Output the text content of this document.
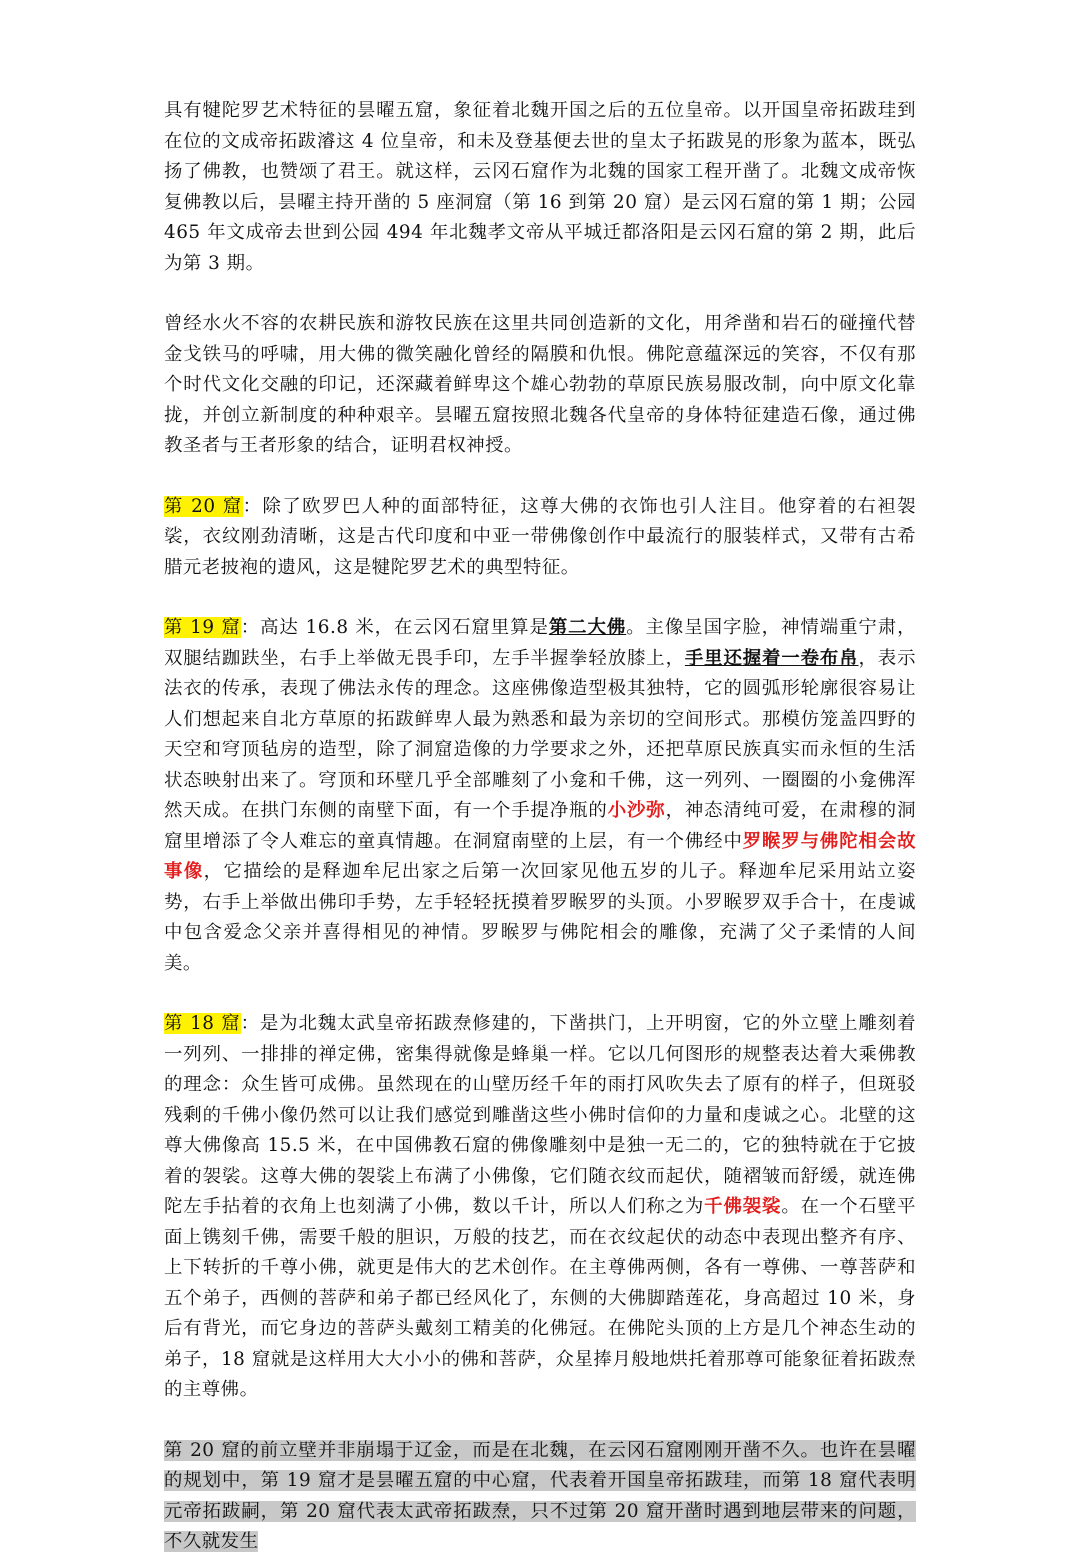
具有犍陀罗艺术特征的昙曜五窟，象征着北魏开国之后的五位皇帝。以开国皇帝拓跋珪到在位的文成帝拓跋濬这 4 位皇帝，和未及登基便去世的皇太子拓跋晃的形象为蓝本，既弘扬了佛教，也赞颂了君王。就这样，云冈石窟作为北魏的国家工程开凿了。北魏文成帝恢复佛教以后，昙曜主持开凿的 5 座洞窟（第 16 到第 20 窟）是云冈石窟的第 1 期；公园 465 年文成帝去世到公园 494 年北魏孝文帝从平城迁都洛阳是云冈石窟的第 2 期，此后为第 3 期。

曾经水火不容的农耕民族和游牧民族在这里共同创造新的文化，用斧凿和岩石的碰撞代替金戈铁马的呼啸，用大佛的微笑融化曾经的隔膜和仇恨。佛陀意蕴深远的笑容，不仅有那个时代文化交融的印记，还深藏着鲜卑这个雄心勃勃的草原民族易服改制，向中原文化靠拢，并创立新制度的种种艰辛。昙曜五窟按照北魏各代皇帝的身体特征建造石像，通过佛教圣者与王者形象的结合，证明君权神授。

第 20 窟：除了欧罗巴人种的面部特征，这尊大佛的衣饰也引人注目。他穿着的右袒袈裟，衣纹刚劲清晰，这是古代印度和中亚一带佛像创作中最流行的服装样式，又带有古希腊元老披袍的遗风，这是犍陀罗艺术的典型特征。

第 19 窟：高达 16.8 米，在云冈石窟里算是第二大佛。主像呈国字脸，神情端重宁肃，双腿结跏趺坐，右手上举做无畏手印，左手半握拳轻放膝上，手里还握着一卷布帛，表示法衣的传承，表现了佛法永传的理念。这座佛像造型极其独特，它的圆弧形轮廓很容易让人们想起来自北方草原的拓跋鲜卑人最为熟悉和最为亲切的空间形式。那模仿笼盖四野的天空和穹顶毡房的造型，除了洞窟造像的力学要求之外，还把草原民族真实而永恒的生活状态映射出来了。穹顶和环壁几乎全部雕刻了小龛和千佛，这一列列、一圈圈的小龛佛浑然天成。在拱门东侧的南壁下面，有一个手提净瓶的小沙弥，神态清纯可爱，在肃穆的洞窟里增添了令人难忘的童真情趣。在洞窟南壁的上层，有一个佛经中罗睺罗与佛陀相会故事像，它描绘的是释迦牟尼出家之后第一次回家见他五岁的儿子。释迦牟尼采用站立姿势，右手上举做出佛印手势，左手轻轻抚摸着罗睺罗的头顶。小罗睺罗双手合十，在虔诚中包含爱念父亲并喜得相见的神情。罗睺罗与佛陀相会的雕像，充满了父子柔情的人间美。

第 18 窟：是为北魏太武皇帝拓跋焘修建的，下凿拱门，上开明窗，它的外立壁上雕刻着一列列、一排排的禅定佛，密集得就像是蜂巢一样。它以几何图形的规整表达着大乘佛教的理念：众生皆可成佛。虽然现在的山壁历经千年的雨打风吹失去了原有的样子，但斑驳残剩的千佛小像仍然可以让我们感觉到雕凿这些小佛时信仰的力量和虔诚之心。北壁的这尊大佛像高 15.5 米，在中国佛教石窟的佛像雕刻中是独一无二的，它的独特就在于它披着的袈裟。这尊大佛的袈裟上布满了小佛像，它们随衣纹而起伏，随褶皱而舒缓，就连佛陀左手拈着的衣角上也刻满了小佛，数以千计，所以人们称之为千佛袈裟。在一个石壁平面上镌刻千佛，需要千般的胆识，万般的技艺，而在衣纹起伏的动态中表现出整齐有序、上下转折的千尊小佛，就更是伟大的艺术创作。在主尊佛两侧，各有一尊佛、一尊菩萨和五个弟子，西侧的菩萨和弟子都已经风化了，东侧的大佛脚踏莲花，身高超过 10 米，身后有背光，而它身边的菩萨头戴刻工精美的化佛冠。在佛陀头顶的上方是几个神态生动的弟子，18 窟就是这样用大大小小的佛和菩萨，众星捧月般地烘托着那尊可能象征着拓跋焘的主尊佛。

第 20 窟的前立壁并非崩塌于辽金，而是在北魏，在云冈石窟刚刚开凿不久。也许在昙曜的规划中，第 19 窟才是昙曜五窟的中心窟，代表着开国皇帝拓跋珪，而第 18 窟代表明元帝拓跋嗣，第 20 窟代表太武帝拓跋焘，只不过第 20 窟开凿时遇到地层带来的问题，不久就发生
